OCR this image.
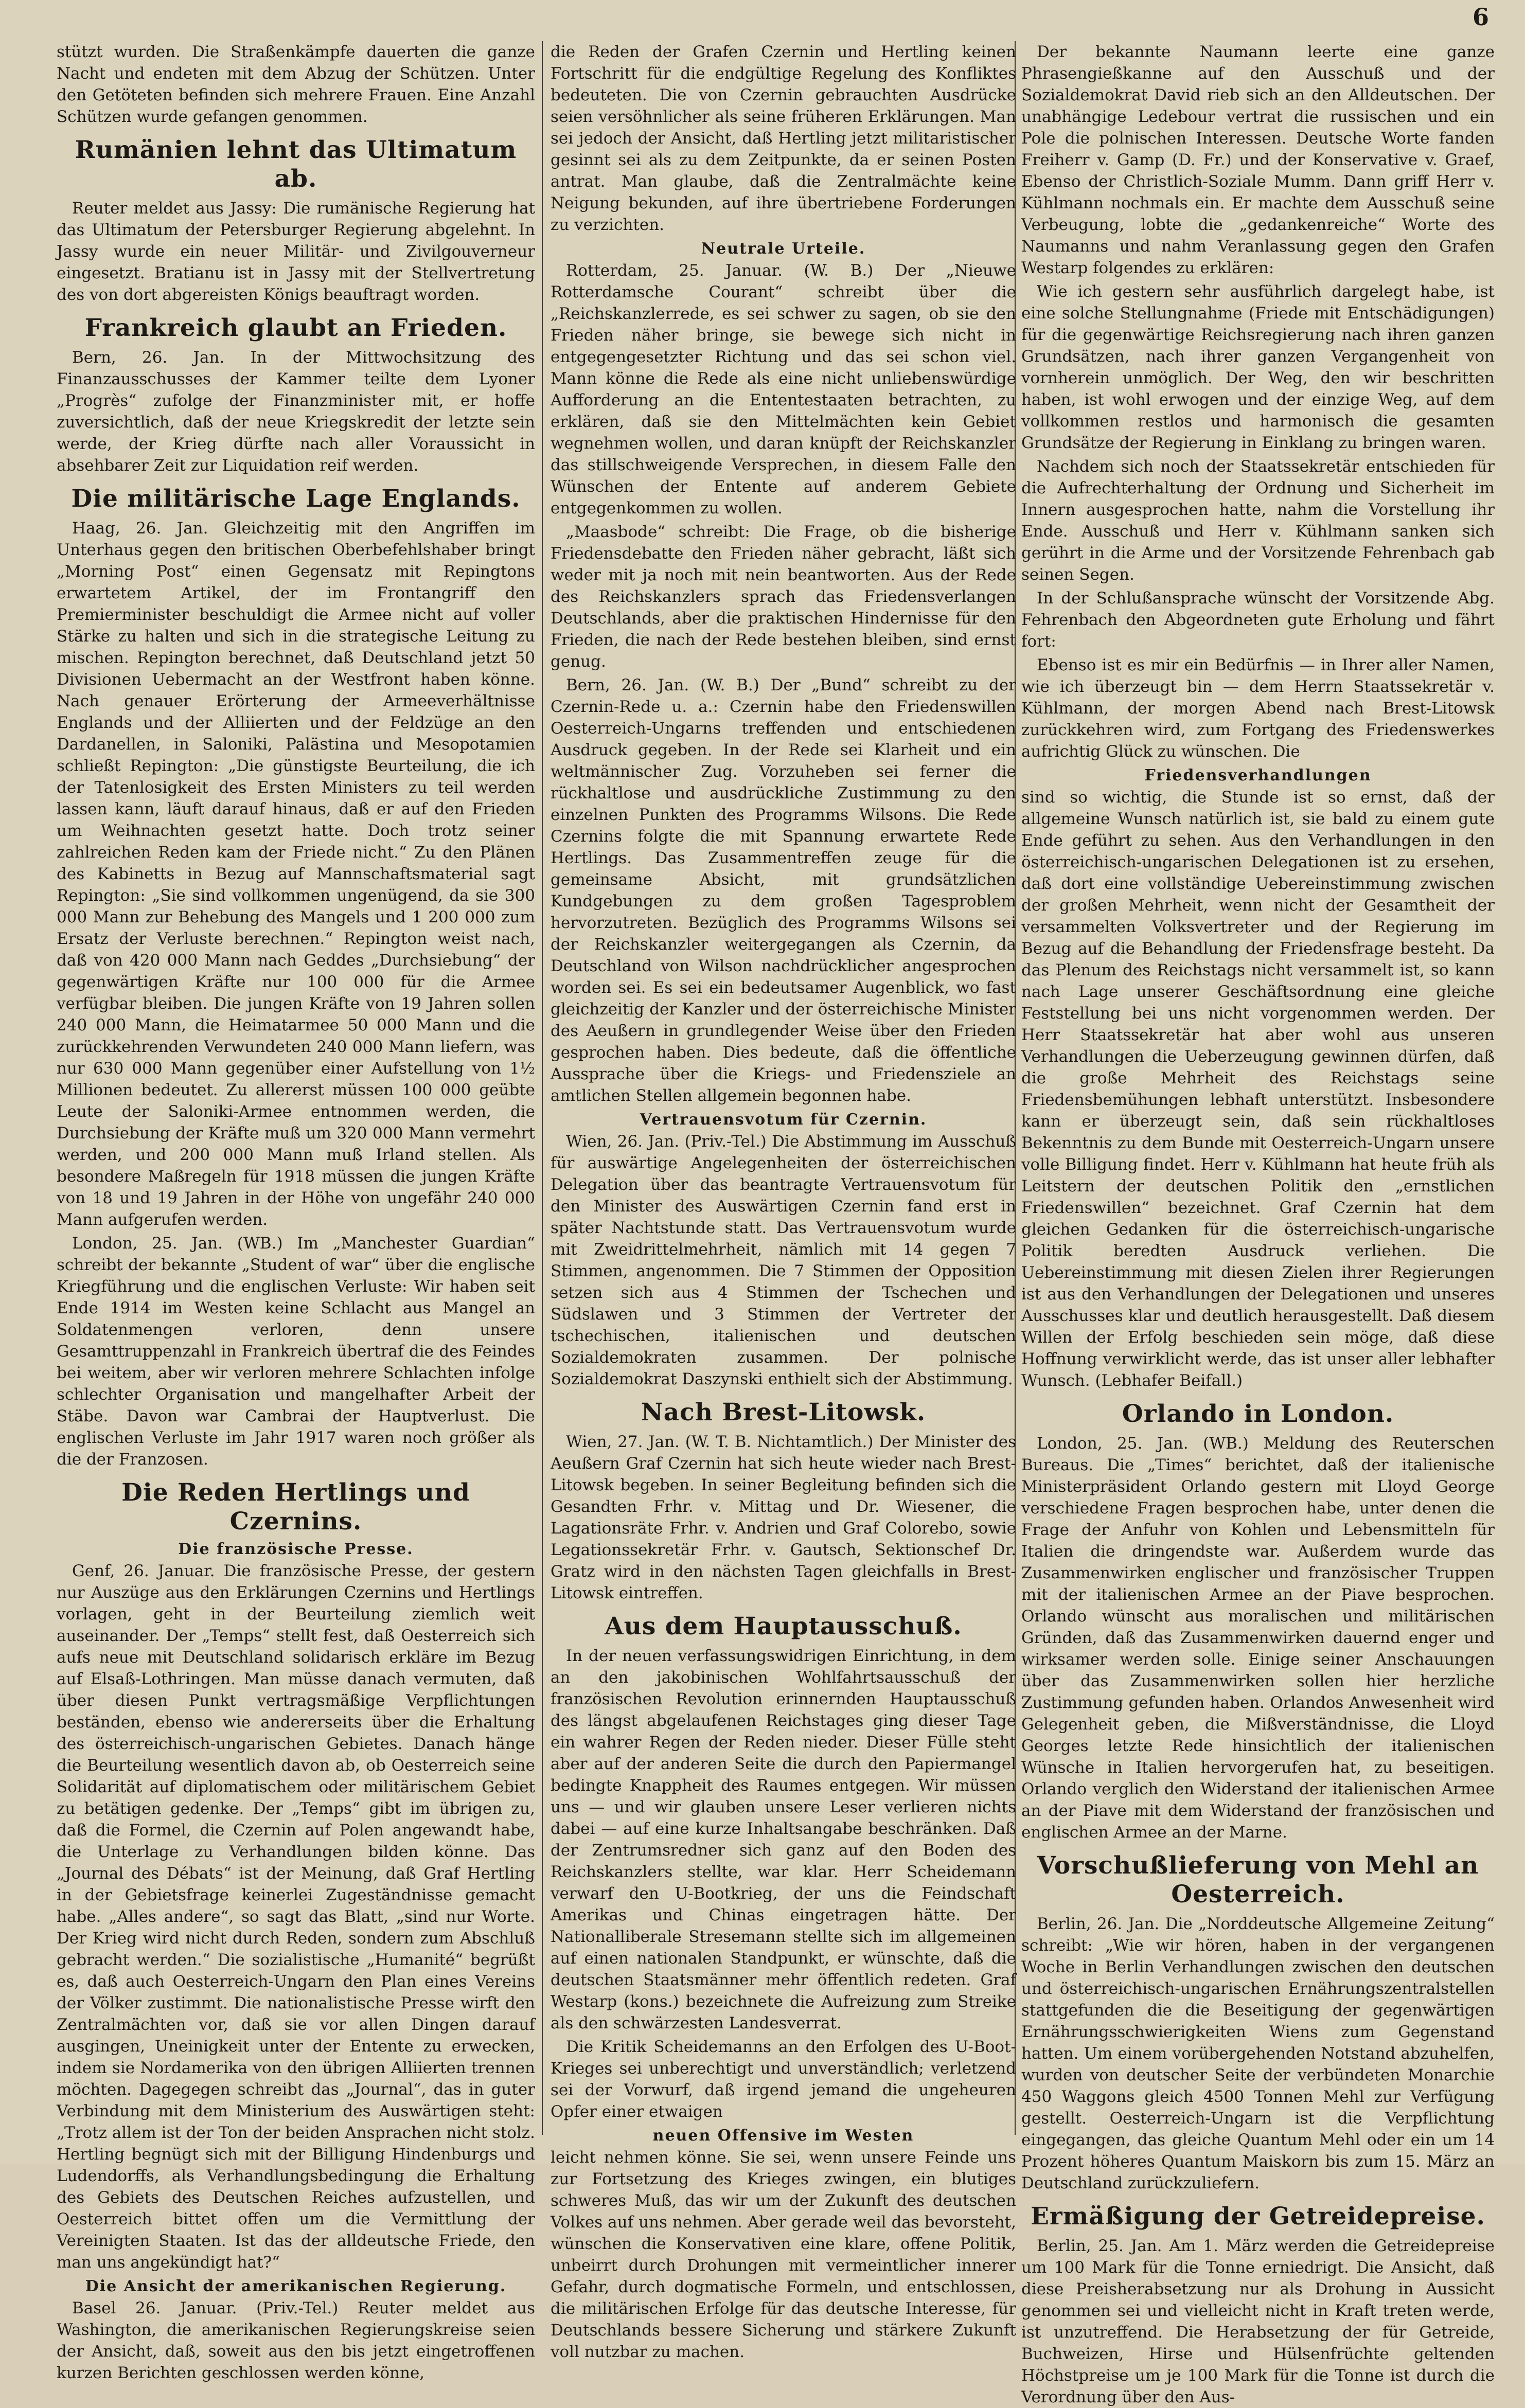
6

stützt wurden. Die Straßenkämpfe dauerten die ganze Nacht und endeten mit dem Abzug der Schützen. Unter den Getöteten befinden sich mehrere Frauen. Eine Anzahl Schützen wurde gefangen genommen.

Rumänien lehnt das Ultimatum ab.

Reuter meldet aus Jassy: Die rumänische Regierung hat das Ultimatum der Petersburger Regierung abgelehnt. In Jassy wurde ein neuer Militär- und Zivilgouverneur eingesetzt. Bratianu ist in Jassy mit der Stellvertretung des von dort abgereisten Königs beauftragt worden.

Frankreich glaubt an Frieden.

Bern, 26. Jan. In der Mittwochsitzung des Finanzausschusses der Kammer teilte dem Lyoner „Progrès“ zufolge der Finanzminister mit, er hoffe zuversichtlich, daß der neue Kriegskredit der letzte sein werde, der Krieg dürfte nach aller Voraussicht in absehbarer Zeit zur Liquidation reif werden.

Die militärische Lage Englands.

Haag, 26. Jan. Gleichzeitig mit den Angriffen im Unterhaus gegen den britischen Oberbefehlshaber bringt „Morning Post“ einen Gegensatz mit Repingtons erwartetem Artikel, der im Frontangriff den Premierminister beschuldigt die Armee nicht auf voller Stärke zu halten und sich in die strategische Leitung zu mischen. Repington berechnet, daß Deutschland jetzt 50 Divisionen Uebermacht an der Westfront haben könne. Nach genauer Erörterung der Armeeverhältnisse Englands und der Alliierten und der Feldzüge an den Dardanellen, in Saloniki, Palästina und Mesopotamien schließt Repington: „Die günstigste Beurteilung, die ich der Tatenlosigkeit des Ersten Ministers zu teil werden lassen kann, läuft darauf hinaus, daß er auf den Frieden um Weihnachten gesetzt hatte. Doch trotz seiner zahlreichen Reden kam der Friede nicht.“ Zu den Plänen des Kabinetts in Bezug auf Mannschaftsmaterial sagt Repington: „Sie sind vollkommen ungenügend, da sie 300 000 Mann zur Behebung des Mangels und 1 200 000 zum Ersatz der Verluste berechnen.“ Repington weist nach, daß von 420 000 Mann nach Geddes „Durchsiebung“ der gegenwärtigen Kräfte nur 100 000 für die Armee verfügbar bleiben. Die jungen Kräfte von 19 Jahren sollen 240 000 Mann, die Heimatarmee 50 000 Mann und die zurückkehrenden Verwundeten 240 000 Mann liefern, was nur 630 000 Mann gegenüber einer Aufstellung von 1½ Millionen bedeutet. Zu allererst müssen 100 000 geübte Leute der Saloniki-Armee entnommen werden, die Durchsiebung der Kräfte muß um 320 000 Mann vermehrt werden, und 200 000 Mann muß Irland stellen. Als besondere Maßregeln für 1918 müssen die jungen Kräfte von 18 und 19 Jahren in der Höhe von ungefähr 240 000 Mann aufgerufen werden.

London, 25. Jan. (WB.) Im „Manchester Guardian“ schreibt der bekannte „Student of war“ über die englische Kriegführung und die englischen Verluste: Wir haben seit Ende 1914 im Westen keine Schlacht aus Mangel an Soldatenmengen verloren, denn unsere Gesamttruppenzahl in Frankreich übertraf die des Feindes bei weitem, aber wir verloren mehrere Schlachten infolge schlechter Organisation und mangelhafter Arbeit der Stäbe. Davon war Cambrai der Hauptverlust. Die englischen Verluste im Jahr 1917 waren noch größer als die der Franzosen.

Die Reden Hertlings und Czernins.
Die französische Presse.

Genf, 26. Januar. Die französische Presse, der gestern nur Auszüge aus den Erklärungen Czernins und Hertlings vorlagen, geht in der Beurteilung ziemlich weit auseinander. Der „Temps“ stellt fest, daß Oesterreich sich aufs neue mit Deutschland solidarisch erkläre im Bezug auf Elsaß-Lothringen. Man müsse danach vermuten, daß über diesen Punkt vertragsmäßige Verpflichtungen beständen, ebenso wie andererseits über die Erhaltung des österreichisch-ungarischen Gebietes. Danach hänge die Beurteilung wesentlich davon ab, ob Oesterreich seine Solidarität auf diplomatischem oder militärischem Gebiet zu betätigen gedenke. Der „Temps“ gibt im übrigen zu, daß die Formel, die Czernin auf Polen angewandt habe, die Unterlage zu Verhandlungen bilden könne. Das „Journal des Débats“ ist der Meinung, daß Graf Hertling in der Gebietsfrage keinerlei Zugeständnisse gemacht habe. „Alles andere“, so sagt das Blatt, „sind nur Worte. Der Krieg wird nicht durch Reden, sondern zum Abschluß gebracht werden.“ Die sozialistische „Humanité“ begrüßt es, daß auch Oesterreich-Ungarn den Plan eines Vereins der Völker zustimmt. Die nationalistische Presse wirft den Zentralmächten vor, daß sie vor allen Dingen darauf ausgingen, Uneinigkeit unter der Entente zu erwecken, indem sie Nordamerika von den übrigen Alliierten trennen möchten. Dagegegen schreibt das „Journal“, das in guter Verbindung mit dem Ministerium des Auswärtigen steht: „Trotz allem ist der Ton der beiden Ansprachen nicht stolz. Hertling begnügt sich mit der Billigung Hindenburgs und Ludendorffs, als Verhandlungsbedingung die Erhaltung des Gebiets des Deutschen Reiches aufzustellen, und Oesterreich bittet offen um die Vermittlung der Vereinigten Staaten. Ist das der alldeutsche Friede, den man uns angekündigt hat?“

Die Ansicht der amerikanischen Regierung.

Basel 26. Januar. (Priv.-Tel.) Reuter meldet aus Washington, die amerikanischen Regierungskreise seien der Ansicht, daß, soweit aus den bis jetzt eingetroffenen kurzen Berichten geschlossen werden könne,

die Reden der Grafen Czernin und Hertling keinen Fortschritt für die endgültige Regelung des Konfliktes bedeuteten. Die von Czernin gebrauchten Ausdrücke seien versöhnlicher als seine früheren Erklärungen. Man sei jedoch der Ansicht, daß Hertling jetzt militaristischer gesinnt sei als zu dem Zeitpunkte, da er seinen Posten antrat. Man glaube, daß die Zentralmächte keine Neigung bekunden, auf ihre übertriebene Forderungen zu verzichten.

Neutrale Urteile.

Rotterdam, 25. Januar. (W. B.) Der „Nieuwe Rotterdamsche Courant“ schreibt über die „Reichskanzlerrede, es sei schwer zu sagen, ob sie den Frieden näher bringe, sie bewege sich nicht in entgegengesetzter Richtung und das sei schon viel. Mann könne die Rede als eine nicht unliebenswürdige Aufforderung an die Ententestaaten betrachten, zu erklären, daß sie den Mittelmächten kein Gebiet wegnehmen wollen, und daran knüpft der Reichskanzler das stillschweigende Versprechen, in diesem Falle den Wünschen der Entente auf anderem Gebiete entgegenkommen zu wollen.

„Maasbode“ schreibt: Die Frage, ob die bisherige Friedensdebatte den Frieden näher gebracht, läßt sich weder mit ja noch mit nein beantworten. Aus der Rede des Reichskanzlers sprach das Friedensverlangen Deutschlands, aber die praktischen Hindernisse für den Frieden, die nach der Rede bestehen bleiben, sind ernst genug.

Bern, 26. Jan. (W. B.) Der „Bund“ schreibt zu der Czernin-Rede u. a.: Czernin habe den Friedenswillen Oesterreich-Ungarns treffenden und entschiedenen Ausdruck gegeben. In der Rede sei Klarheit und ein weltmännischer Zug. Vorzuheben sei ferner die rückhaltlose und ausdrückliche Zustimmung zu den einzelnen Punkten des Programms Wilsons. Die Rede Czernins folgte die mit Spannung erwartete Rede Hertlings. Das Zusammentreffen zeuge für die gemeinsame Absicht, mit grundsätzlichen Kundgebungen zu dem großen Tagesproblem hervorzutreten. Bezüglich des Programms Wilsons sei der Reichskanzler weitergegangen als Czernin, da Deutschland von Wilson nachdrücklicher angesprochen worden sei. Es sei ein bedeutsamer Augenblick, wo fast gleichzeitig der Kanzler und der österreichische Minister des Aeußern in grundlegender Weise über den Frieden gesprochen haben. Dies bedeute, daß die öffentliche Aussprache über die Kriegs- und Friedensziele an amtlichen Stellen allgemein begonnen habe.

Vertrauensvotum für Czernin.

Wien, 26. Jan. (Priv.-Tel.) Die Abstimmung im Ausschuß für auswärtige Angelegenheiten der österreichischen Delegation über das beantragte Vertrauensvotum für den Minister des Auswärtigen Czernin fand erst in später Nachtstunde statt. Das Vertrauensvotum wurde mit Zweidrittelmehrheit, nämlich mit 14 gegen 7 Stimmen, angenommen. Die 7 Stimmen der Opposition setzen sich aus 4 Stimmen der Tschechen und Südslawen und 3 Stimmen der Vertreter der tschechischen, italienischen und deutschen Sozialdemokraten zusammen. Der polnische Sozialdemokrat Daszynski enthielt sich der Abstimmung.

Nach Brest-Litowsk.

Wien, 27. Jan. (W. T. B. Nichtamtlich.) Der Minister des Aeußern Graf Czernin hat sich heute wieder nach Brest-Litowsk begeben. In seiner Begleitung befinden sich die Gesandten Frhr. v. Mittag und Dr. Wiesener, die Lagationsräte Frhr. v. Andrien und Graf Colorebo, sowie Legationssekretär Frhr. v. Gautsch, Sektionschef Dr. Gratz wird in den nächsten Tagen gleichfalls in Brest-Litowsk eintreffen.

Aus dem Hauptausschuß.

In der neuen verfassungswidrigen Einrichtung, in dem an den jakobinischen Wohlfahrtsausschuß der französischen Revolution erinnernden Hauptausschuß des längst abgelaufenen Reichstages ging dieser Tage ein wahrer Regen der Reden nieder. Dieser Fülle steht aber auf der anderen Seite die durch den Papiermangel bedingte Knappheit des Raumes entgegen. Wir müssen uns — und wir glauben unsere Leser verlieren nichts dabei — auf eine kurze Inhaltsangabe beschränken. Daß der Zentrumsredner sich ganz auf den Boden des Reichskanzlers stellte, war klar. Herr Scheidemann verwarf den U-Bootkrieg, der uns die Feindschaft Amerikas und Chinas eingetragen hätte. Der Nationalliberale Stresemann stellte sich im allgemeinen auf einen nationalen Standpunkt, er wünschte, daß die deutschen Staatsmänner mehr öffentlich redeten. Graf Westarp (kons.) bezeichnete die Aufreizung zum Streike als den schwärzesten Landesverrat.

Die Kritik Scheidemanns an den Erfolgen des U-Boot-Krieges sei unberechtigt und unverständlich; verletzend sei der Vorwurf, daß irgend jemand die ungeheuren Opfer einer etwaigen

neuen Offensive im Westen

leicht nehmen könne. Sie sei, wenn unsere Feinde uns zur Fortsetzung des Krieges zwingen, ein blutiges schweres Muß, das wir um der Zukunft des deutschen Volkes auf uns nehmen. Aber gerade weil das bevorsteht, wünschen die Konservativen eine klare, offene Politik, unbeirrt durch Drohungen mit vermeintlicher innerer Gefahr, durch dogmatische Formeln, und entschlossen, die militärischen Erfolge für das deutsche Interesse, für Deutschlands bessere Sicherung und stärkere Zukunft voll nutzbar zu machen.

Der bekannte Naumann leerte eine ganze Phrasengießkanne auf den Ausschuß und der Sozialdemokrat David rieb sich an den Alldeutschen. Der unabhängige Ledebour vertrat die russischen und ein Pole die polnischen Interessen. Deutsche Worte fanden Freiherr v. Gamp (D. Fr.) und der Konservative v. Graef, Ebenso der Christlich-Soziale Mumm. Dann griff Herr v. Kühlmann nochmals ein. Er machte dem Ausschuß seine Verbeugung, lobte die „gedankenreiche“ Worte des Naumanns und nahm Veranlassung gegen den Grafen Westarp folgendes zu erklären:

Wie ich gestern sehr ausführlich dargelegt habe, ist eine solche Stellungnahme (Friede mit Entschädigungen) für die gegenwärtige Reichsregierung nach ihren ganzen Grundsätzen, nach ihrer ganzen Vergangenheit von vornherein unmöglich. Der Weg, den wir beschritten haben, ist wohl erwogen und der einzige Weg, auf dem vollkommen restlos und harmonisch die gesamten Grundsätze der Regierung in Einklang zu bringen waren.

Nachdem sich noch der Staatssekretär entschieden für die Aufrechterhaltung der Ordnung und Sicherheit im Innern ausgesprochen hatte, nahm die Vorstellung ihr Ende. Ausschuß und Herr v. Kühlmann sanken sich gerührt in die Arme und der Vorsitzende Fehrenbach gab seinen Segen.

In der Schlußansprache wünscht der Vorsitzende Abg. Fehrenbach den Abgeordneten gute Erholung und fährt fort:

Ebenso ist es mir ein Bedürfnis — in Ihrer aller Namen, wie ich überzeugt bin — dem Herrn Staatssekretär v. Kühlmann, der morgen Abend nach Brest-Litowsk zurückkehren wird, zum Fortgang des Friedenswerkes aufrichtig Glück zu wünschen. Die

Friedensverhandlungen

sind so wichtig, die Stunde ist so ernst, daß der allgemeine Wunsch natürlich ist, sie bald zu einem gute Ende geführt zu sehen. Aus den Verhandlungen in den österreichisch-ungarischen Delegationen ist zu ersehen, daß dort eine vollständige Uebereinstimmung zwischen der großen Mehrheit, wenn nicht der Gesamtheit der versammelten Volksvertreter und der Regierung im Bezug auf die Behandlung der Friedensfrage besteht. Da das Plenum des Reichstags nicht versammelt ist, so kann nach Lage unserer Geschäftsordnung eine gleiche Feststellung bei uns nicht vorgenommen werden. Der Herr Staatssekretär hat aber wohl aus unseren Verhandlungen die Ueberzeugung gewinnen dürfen, daß die große Mehrheit des Reichstags seine Friedensbemühungen lebhaft unterstützt. Insbesondere kann er überzeugt sein, daß sein rückhaltloses Bekenntnis zu dem Bunde mit Oesterreich-Ungarn unsere volle Billigung findet. Herr v. Kühlmann hat heute früh als Leitstern der deutschen Politik den „ernstlichen Friedenswillen“ bezeichnet. Graf Czernin hat dem gleichen Gedanken für die österreichisch-ungarische Politik beredten Ausdruck verliehen. Die Uebereinstimmung mit diesen Zielen ihrer Regierungen ist aus den Verhandlungen der Delegationen und unseres Ausschusses klar und deutlich herausgestellt. Daß diesem Willen der Erfolg beschieden sein möge, daß diese Hoffnung verwirklicht werde, das ist unser aller lebhafter Wunsch. (Lebhafer Beifall.)

Orlando in London.

London, 25. Jan. (WB.) Meldung des Reuterschen Bureaus. Die „Times“ berichtet, daß der italienische Ministerpräsident Orlando gestern mit Lloyd George verschiedene Fragen besprochen habe, unter denen die Frage der Anfuhr von Kohlen und Lebensmitteln für Italien die dringendste war. Außerdem wurde das Zusammenwirken englischer und französischer Truppen mit der italienischen Armee an der Piave besprochen. Orlando wünscht aus moralischen und militärischen Gründen, daß das Zusammenwirken dauernd enger und wirksamer werden solle. Einige seiner Anschauungen über das Zusammenwirken sollen hier herzliche Zustimmung gefunden haben. Orlandos Anwesenheit wird Gelegenheit geben, die Mißverständnisse, die Lloyd Georges letzte Rede hinsichtlich der italienischen Wünsche in Italien hervorgerufen hat, zu beseitigen. Orlando verglich den Widerstand der italienischen Armee an der Piave mit dem Widerstand der französischen und englischen Armee an der Marne.

Vorschußlieferung von Mehl an Oesterreich.

Berlin, 26. Jan. Die „Norddeutsche Allgemeine Zeitung“ schreibt: „Wie wir hören, haben in der vergangenen Woche in Berlin Verhandlungen zwischen den deutschen und österreichisch-ungarischen Ernährungszentralstellen stattgefunden die die Beseitigung der gegenwärtigen Ernährungsschwierigkeiten Wiens zum Gegenstand hatten. Um einem vorübergehenden Notstand abzuhelfen, wurden von deutscher Seite der verbündeten Monarchie 450 Waggons gleich 4500 Tonnen Mehl zur Verfügung gestellt. Oesterreich-Ungarn ist die Verpflichtung eingegangen, das gleiche Quantum Mehl oder ein um 14 Prozent höheres Quantum Maiskorn bis zum 15. März an Deutschland zurückzuliefern.

Ermäßigung der Getreidepreise.

Berlin, 25. Jan. Am 1. März werden die Getreidepreise um 100 Mark für die Tonne erniedrigt. Die Ansicht, daß diese Preisherabsetzung nur als Drohung in Aussicht genommen sei und vielleicht nicht in Kraft treten werde, ist unzutreffend. Die Herabsetzung der für Getreide, Buchweizen, Hirse und Hülsenfrüchte geltenden Höchstpreise um je 100 Mark für die Tonne ist durch die Verordnung über den Aus-
